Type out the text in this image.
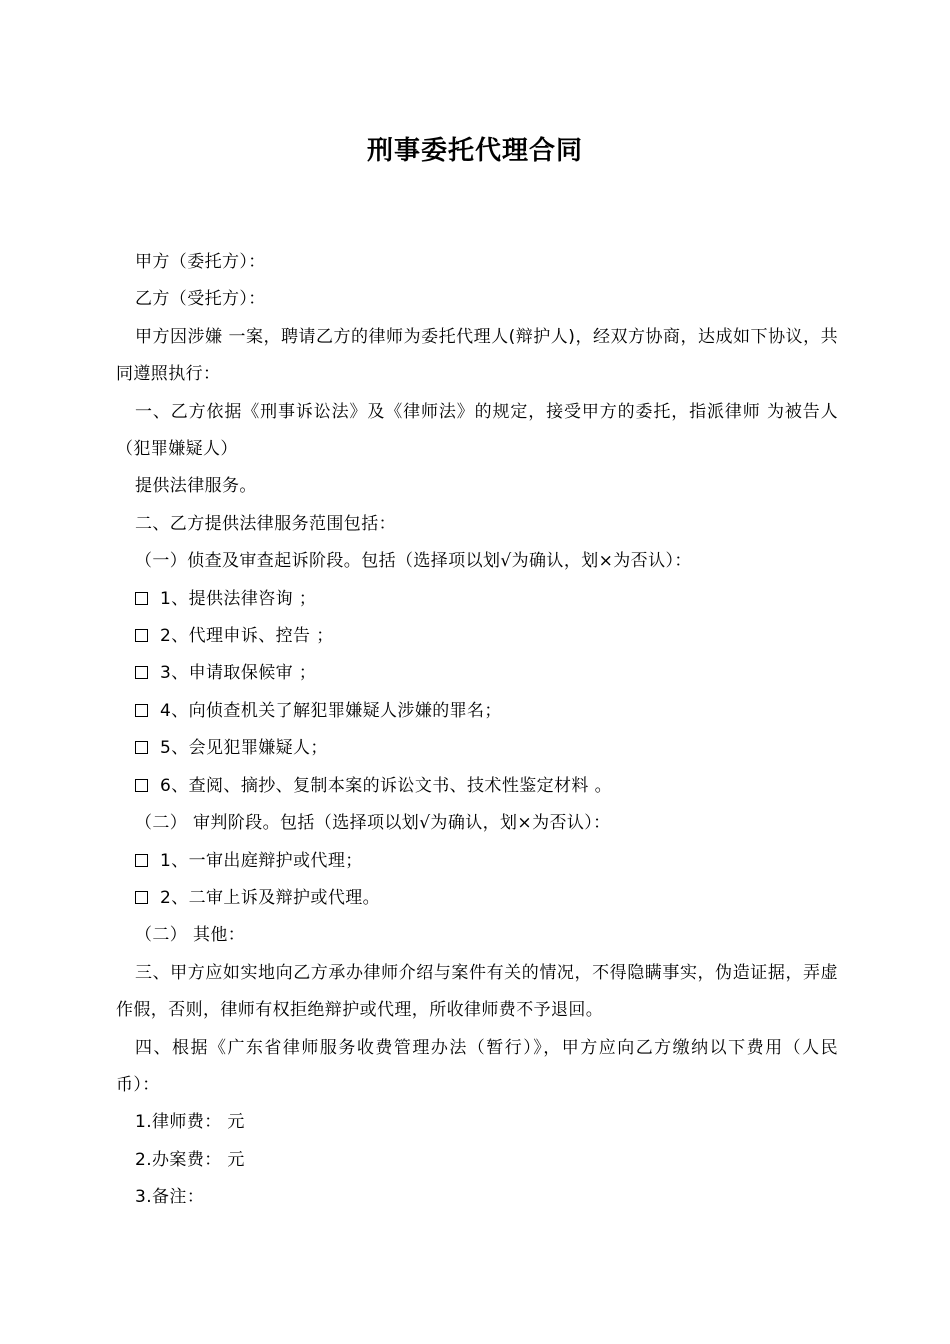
刑事委托代理合同

甲方（委托方）：

乙方（受托方）：

甲方因涉嫌 一案，聘请乙方的律师为委托代理人(辩护人)，经双方协商，达成如下协议，共同遵照执行：

一、乙方依据《刑事诉讼法》及《律师法》的规定，接受甲方的委托，指派律师 为被告人（犯罪嫌疑人）

提供法律服务。

二、乙方提供法律服务范围包括：

（一）侦查及审查起诉阶段。包括（选择项以划√为确认，划×为否认）：

1、提供法律咨询 ；

2、代理申诉、控告 ；

3、申请取保候审 ；

4、向侦查机关了解犯罪嫌疑人涉嫌的罪名；

5、会见犯罪嫌疑人；

6、查阅、摘抄、复制本案的诉讼文书、技术性鉴定材料 。

（二） 审判阶段。包括（选择项以划√为确认，划×为否认）：

1、一审出庭辩护或代理；

2、二审上诉及辩护或代理。

（二） 其他：

三、甲方应如实地向乙方承办律师介绍与案件有关的情况，不得隐瞒事实，伪造证据，弄虚作假，否则，律师有权拒绝辩护或代理，所收律师费不予退回。

四、根据《广东省律师服务收费管理办法（暂行）》，甲方应向乙方缴纳以下费用（人民币）：

1.律师费： 元

2.办案费： 元

3.备注：
